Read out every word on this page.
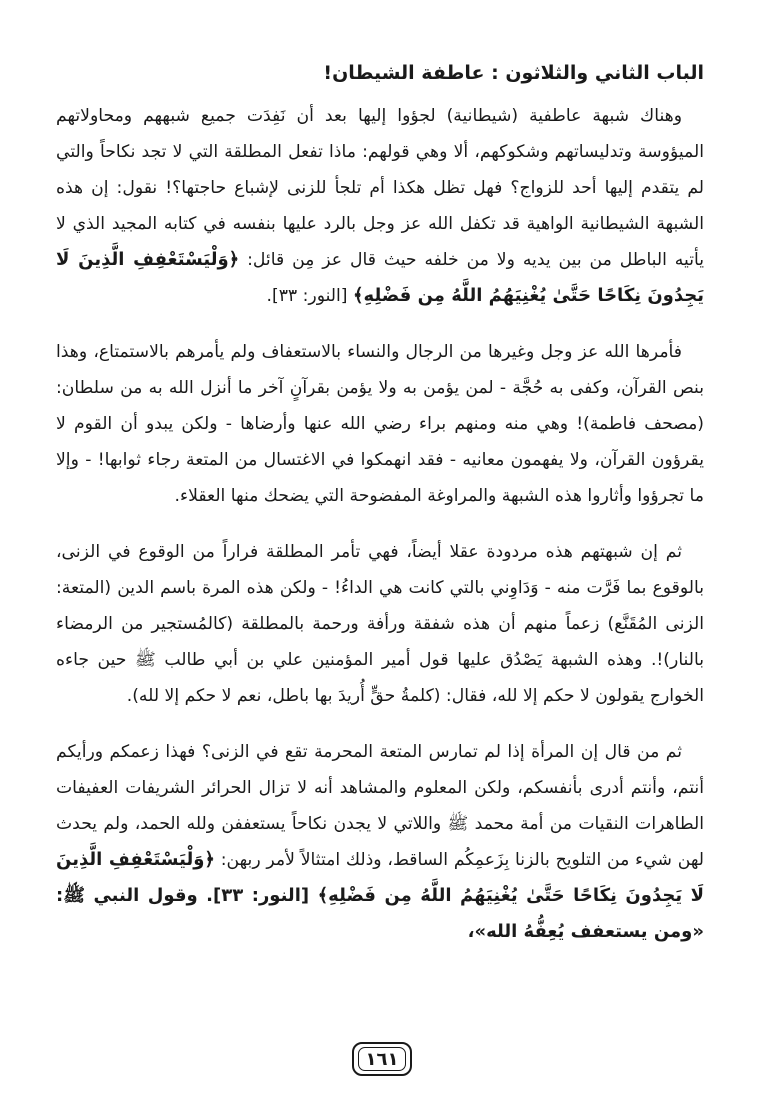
الباب الثاني والثلاثون : عاطفة الشيطان!

وهناك شبهة عاطفية (شيطانية) لجؤوا إليها بعد أن نَفِدَت جميع شبههم ومحاولاتهم الميؤوسة وتدليساتهم وشكوكهم، ألا وهي قولهم: ماذا تفعل المطلقة التي لا تجد نكاحاً والتي لم يتقدم إليها أحد للزواج؟ فهل تظل هكذا أم تلجأ للزنى لإشباع حاجتها؟! نقول: إن هذه الشبهة الشيطانية الواهية قد تكفل الله عز وجل بالرد عليها بنفسه في كتابه المجيد الذي لا يأتيه الباطل من بين يديه ولا من خلفه حيث قال عز مِن قائل: ﴿وَلْيَسْتَعْفِفِ الَّذِينَ لَا يَجِدُونَ نِكَاحًا حَتَّىٰ يُغْنِيَهُمُ اللَّهُ مِن فَضْلِهِ﴾ [النور: ٣٣].

فأمرها الله عز وجل وغيرها من الرجال والنساء بالاستعفاف ولم يأمرهم بالاستمتاع، وهذا بنص القرآن، وكفى به حُجَّة - لمن يؤمن به ولا يؤمن بقرآنٍ آخر ما أنزل الله به من سلطان: (مصحف فاطمة)! وهي منه ومنهم براء رضي الله عنها وأرضاها - ولكن يبدو أن القوم لا يقرؤون القرآن، ولا يفهمون معانيه - فقد انهمكوا في الاغتسال من المتعة رجاء ثوابها! - وإلا ما تجرؤوا وأثاروا هذه الشبهة والمراوغة المفضوحة التي يضحك منها العقلاء.

ثم إن شبهتهم هذه مردودة عقلا أيضاً، فهي تأمر المطلقة فراراً من الوقوع في الزنى، بالوقوع بما فَرَّت منه - وَدَاوِني بالتي كانت هي الداءُ! - ولكن هذه المرة باسم الدين (المتعة: الزنى المُقَنَّع) زعماً منهم أن هذه شفقة ورأفة ورحمة بالمطلقة (كالمُستجير من الرمضاء بالنار)!. وهذه الشبهة يَصْدُق عليها قول أمير المؤمنين علي بن أبي طالب ﷺ حين جاءه الخوارج يقولون لا حكم إلا لله، فقال: (كلمةُ حقٍّ أُريدَ بها باطل، نعم لا حكم إلا لله).

ثم من قال إن المرأة إذا لم تمارس المتعة المحرمة تقع في الزنى؟ فهذا زعمكم ورأيكم أنتم، وأنتم أدرى بأنفسكم، ولكن المعلوم والمشاهد أنه لا تزال الحرائر الشريفات العفيفات الطاهرات النقيات من أمة محمد ﷺ واللاتي لا يجدن نكاحاً يستعففن ولله الحمد، ولم يحدث لهن شيء من التلويح بالزنا بِزَعمِكُم الساقط، وذلك امتثالاً لأمر ربهن: ﴿وَلْيَسْتَعْفِفِ الَّذِينَ لَا يَجِدُونَ نِكَاحًا حَتَّىٰ يُغْنِيَهُمُ اللَّهُ مِن فَضْلِهِ﴾ [النور: ٣٣]. وقول النبي ﷺ: «ومن يستعفف يُعِفُّهُ الله»،

١٦١
